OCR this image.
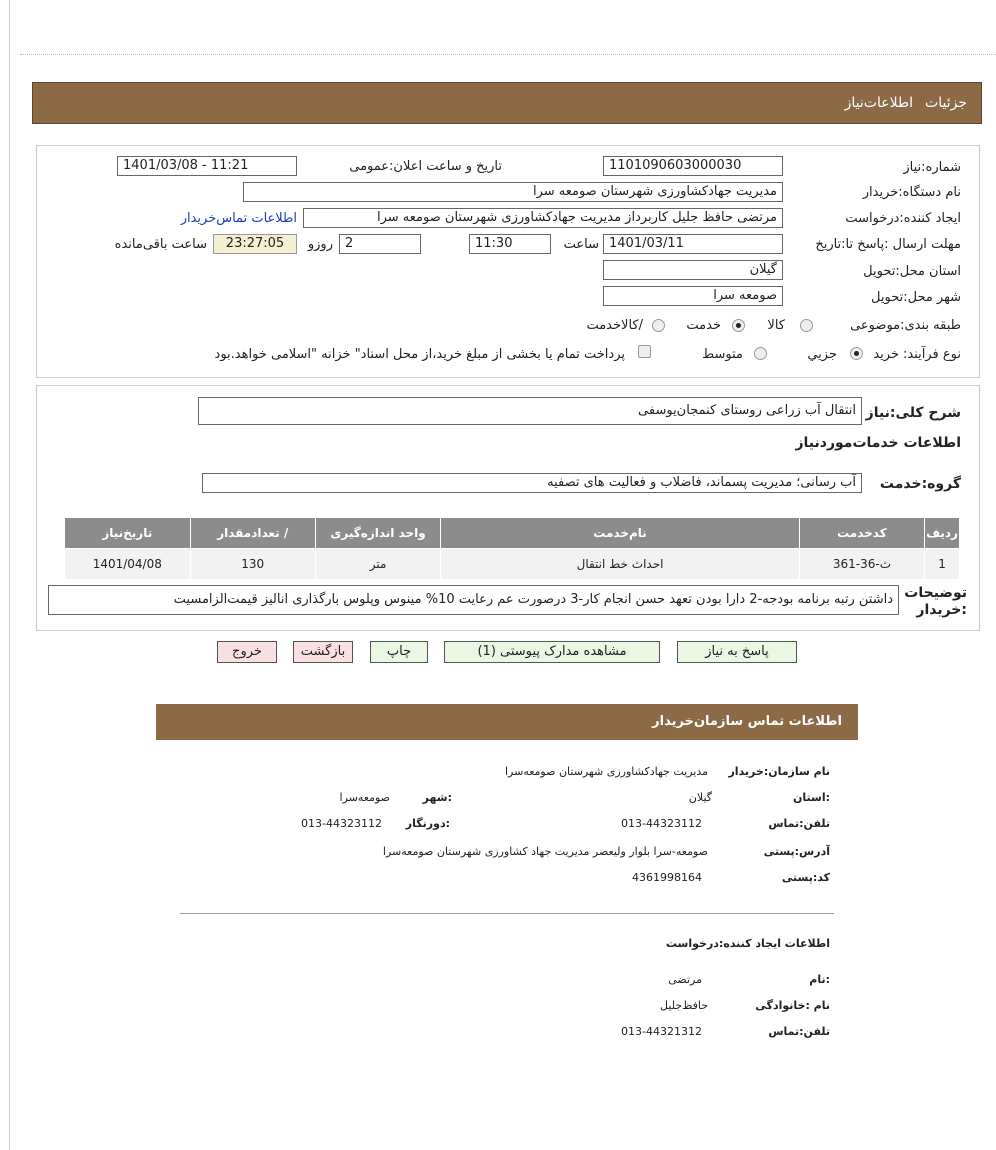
جزئیات
اطلاعات‌نیاز
شماره:نیاز
1101090603000030
تاریخ و ساعت اعلان:عمومی
1401/03/08 - 11:21
نام دستگاه:خریدار
مدیریت جهادکشاورزی شهرستان صومعه سرا
ایجاد کننده:درخواست
مرتضی حافظ جلیل کاربرداز مدیریت جهادکشاورزی شهرستان صومعه سرا
اطلاعات تماس‌خریدار
مهلت ارسال :پاسخ تا:تاریخ
1401/03/11
ساعت
11:30
2
روزو
23:27:05
ساعت باقی‌مانده
استان محل:تحویل
گیلان
شهر محل:تحویل
صومعه سرا
طبقه بندی:موضوعی
کالا
خدمت
/کالاخدمت
نوع فرآیند:
خرید
جزیي
متوسط
پرداخت تمام یا بخشی از مبلغ خرید،از محل اسناد" خزانه "اسلامی خواهد.بود
شرح کلی:نیاز
انتقال آب زراعی روستای کنمجان‌یوسفی
اطلاعات خدمات‌موردنیاز
گروه:خدمت
آب رسانی؛ مدیریت پسماند، فاضلاب و فعالیت های تصفیه
توضیحات :خریدار
داشتن رتبه برنامه بودجه-2 دارا بودن تعهد حسن انجام کار-3 درصورت عم رعایت 10% مینوس وپلوس بارگذاری انالیز قیمت‌الزامسیت
ردیف	کدخدمت	نام‌خدمت	واحد اندازه‌گیری	/ تعدادمقدار	تاریخ‌نیاز
1	ث-36-361	احداث خط انتقال	متر	130	1401/04/08
پاسخ به نیاز
مشاهده مدارک پیوستی (1)
چاپ
بازگشت
خروج
اطلاعات تماس سازمان‌خریدار
نام سازمان:خریدار
مدیریت جهادکشاورزی شهرستان صومعه‌سرا
:استان
گیلان
:شهر
صومعه‌سرا
تلفن:تماس
013-44323112
:دورنگار
013-44323112
آدرس:پستی
صومعه-سرا بلوار ولیعصر مدیریت جهاد کشاورزی شهرستان صومعه‌سرا
کد:پستی
4361998164
اطلاعات ایجاد کننده:درخواست
:نام
مرتضی
نام :خانوادگی
حافظ‌جلیل
تلفن:تماس
013-44321312
